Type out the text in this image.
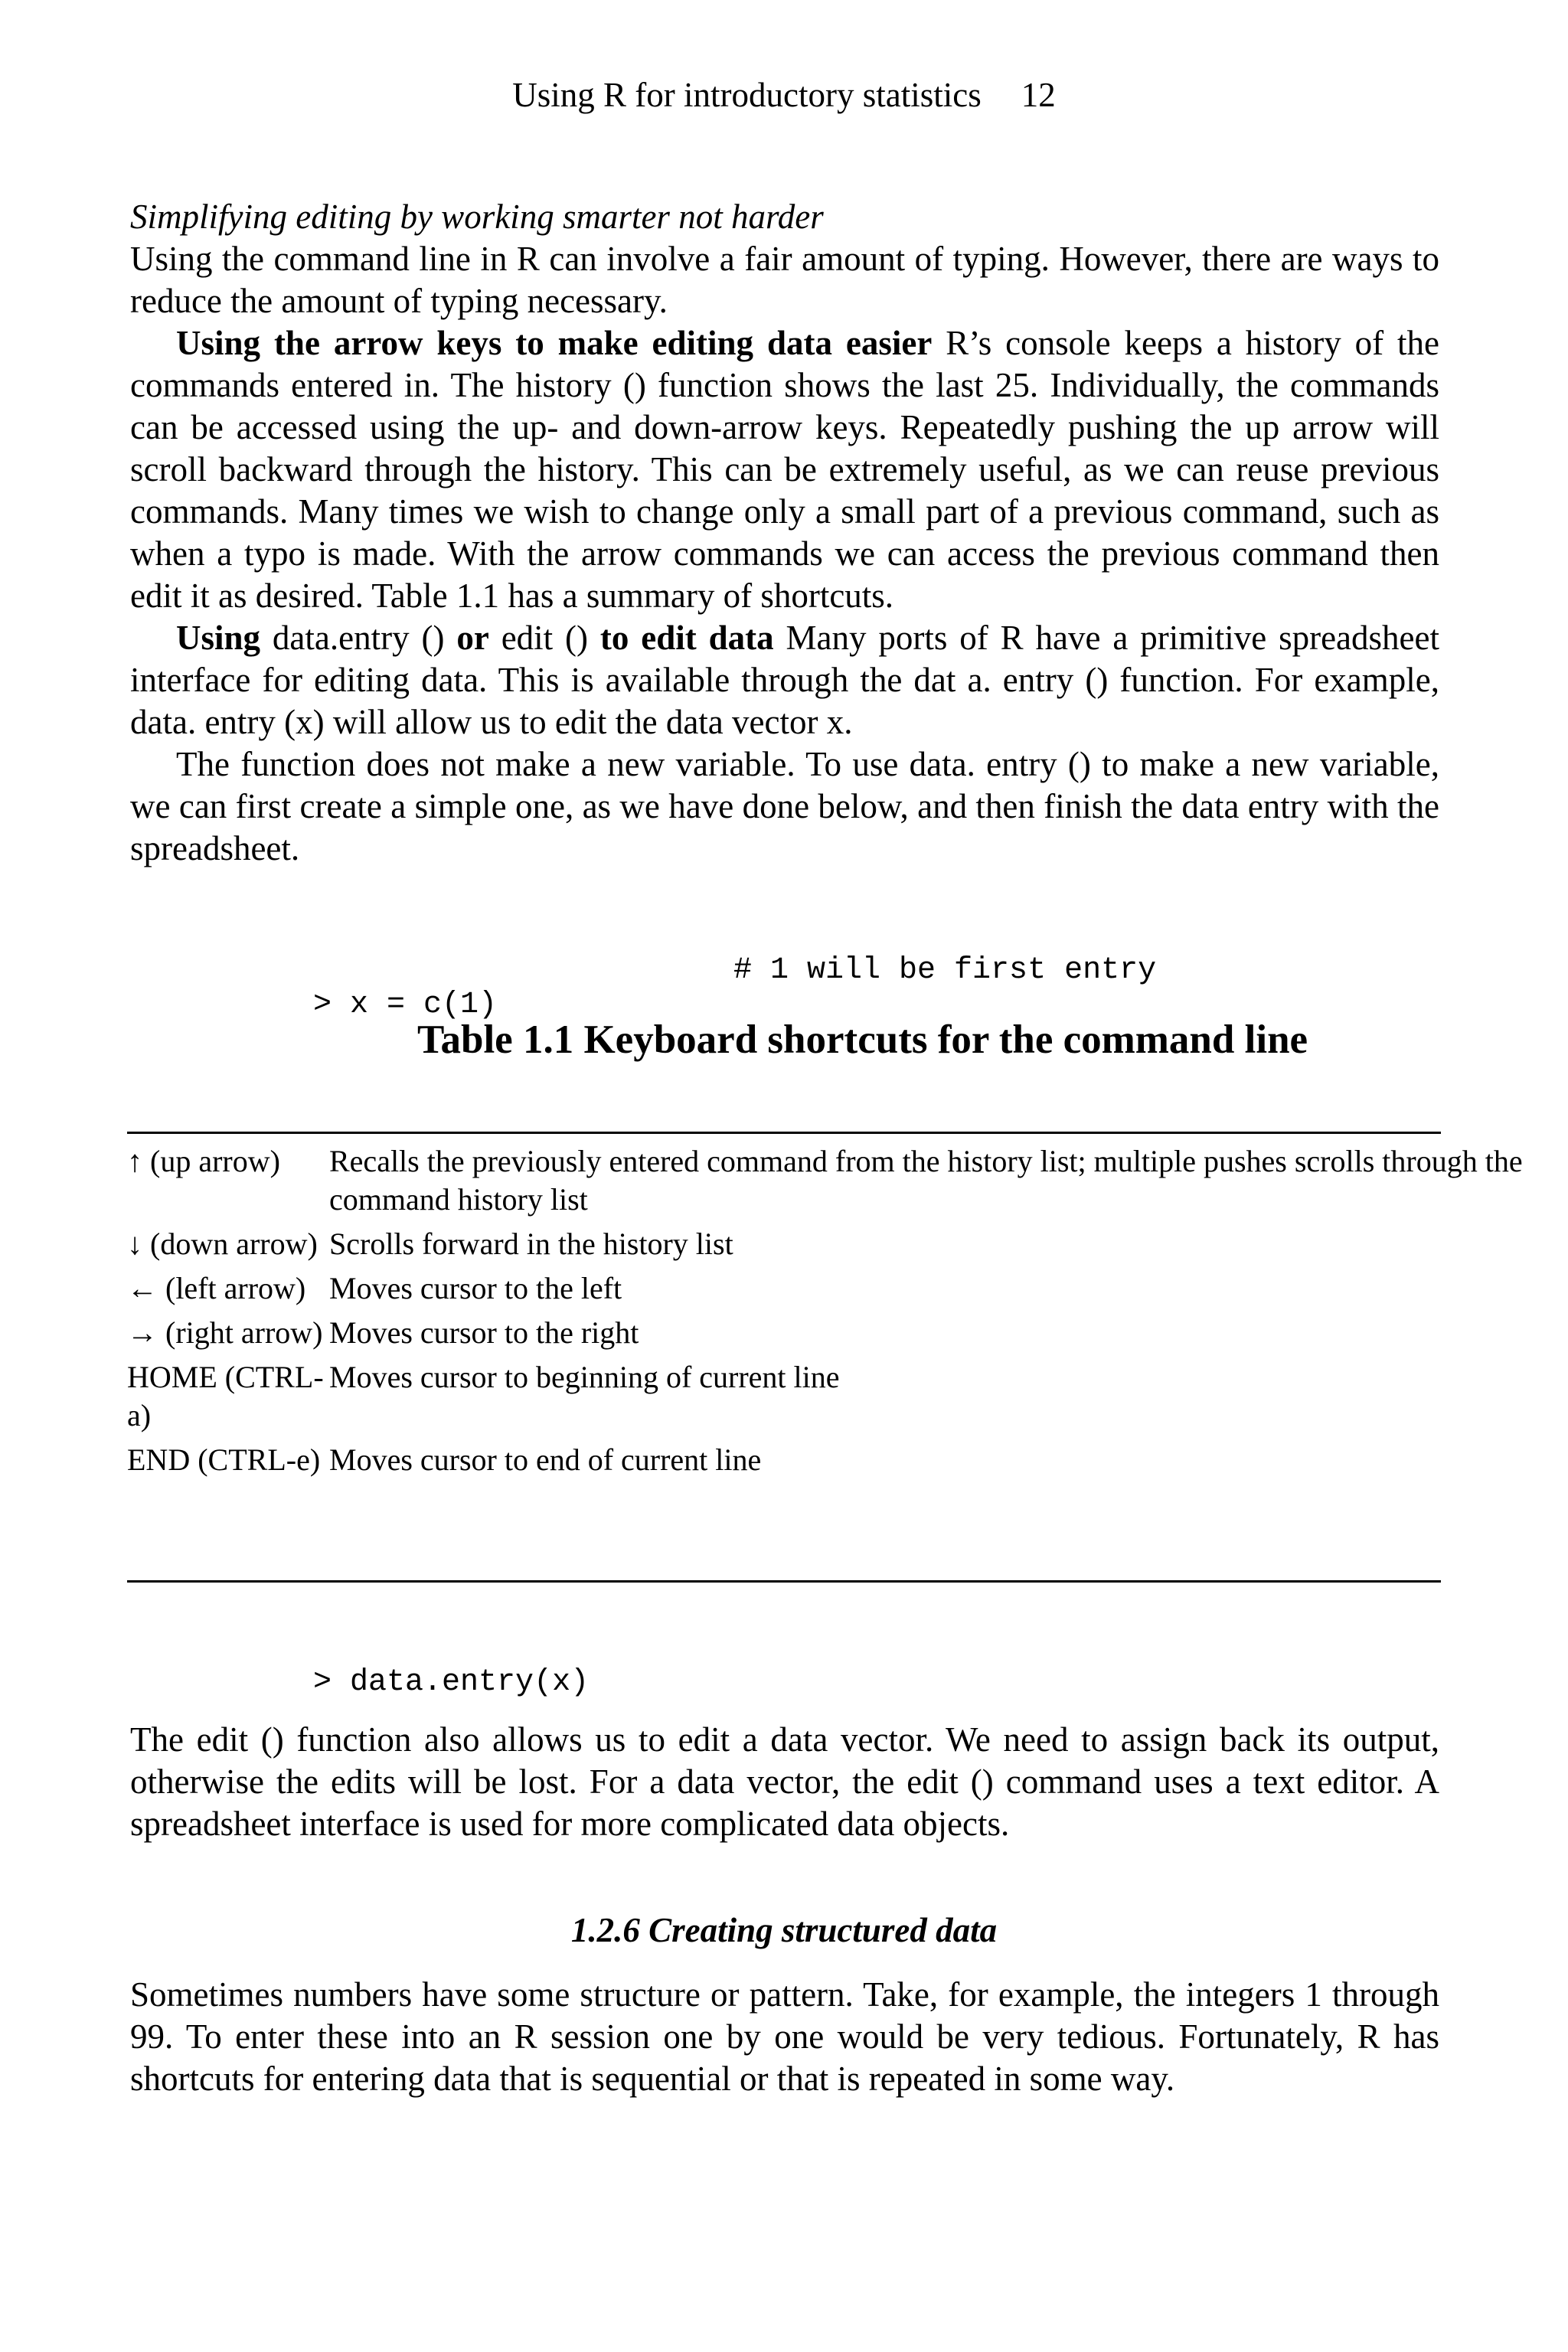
Using R for introductory statistics 12

Simplifying editing by working smarter not harder

Using the command line in R can involve a fair amount of typing. However, there are ways to reduce the amount of typing necessary.

Using the arrow keys to make editing data easier R’s console keeps a history of the commands entered in. The history () function shows the last 25. Individually, the commands can be accessed using the up- and down-arrow keys. Repeatedly pushing the up arrow will scroll backward through the history. This can be extremely useful, as we can reuse previous commands. Many times we wish to change only a small part of a previous command, such as when a typo is made. With the arrow commands we can access the previous command then edit it as desired. Table 1.1 has a summary of shortcuts.

Using data.entry () or edit () to edit data Many ports of R have a primitive spreadsheet interface for editing data. This is available through the dat a. entry () function. For example, data. entry (x) will allow us to edit the data vector x.

The function does not make a new variable. To use data. entry () to make a new variable, we can first create a simple one, as we have done below, and then finish the data entry with the spreadsheet.

> x = c(1)

# 1 will be first entry

Table 1.1 Keyboard shortcuts for the command line
↑ (up arrow)	Recalls the previously entered command from the history list; multiple pushes scrolls through the command history list
↓ (down arrow)	Scrolls forward in the history list
← (left arrow)	Moves cursor to the left
→ (right arrow)	Moves cursor to the right
HOME (CTRL-a)	Moves cursor to beginning of current line
END (CTRL-e)	Moves cursor to end of current line

> data.entry(x)

The edit () function also allows us to edit a data vector. We need to assign back its output, otherwise the edits will be lost. For a data vector, the edit () command uses a text editor. A spreadsheet interface is used for more complicated data objects.

1.2.6 Creating structured data

Sometimes numbers have some structure or pattern. Take, for example, the integers 1 through 99. To enter these into an R session one by one would be very tedious. Fortunately, R has shortcuts for entering data that is sequential or that is repeated in some way.
